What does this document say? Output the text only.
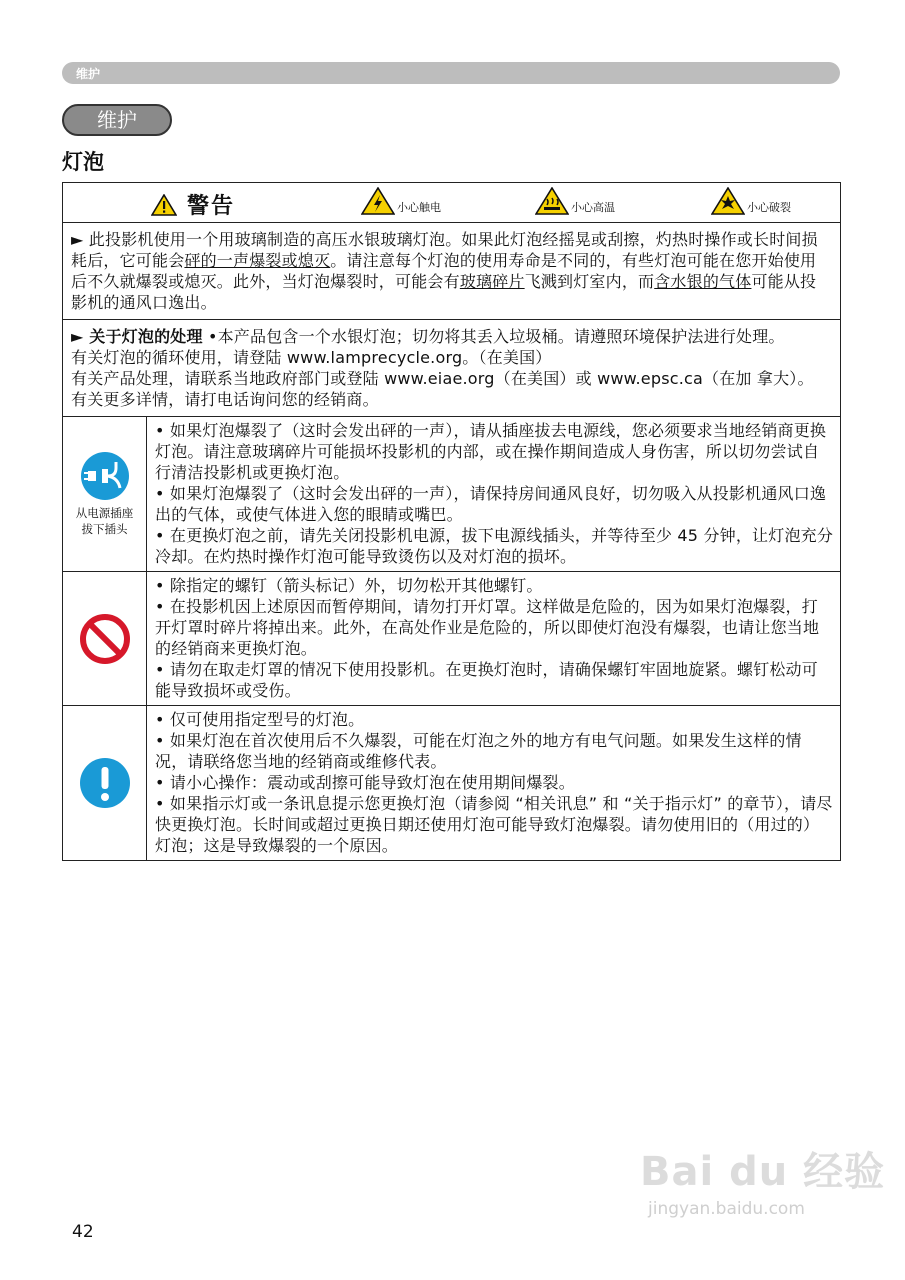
维护
维护
灯泡
警告	小心触电	小心高温	小心破裂
► 此投影机使用一个用玻璃制造的高压水银玻璃灯泡。如果此灯泡经摇晃或刮擦，灼热时操作或长时间损耗后，它可能会砰的一声爆裂或熄灭。请注意每个灯泡的使用寿命是不同的，有些灯泡可能在您开始使用后不久就爆裂或熄灭。此外，当灯泡爆裂时，可能会有玻璃碎片飞溅到灯室内，而含水银的气体可能从投影机的通风口逸出。
► 关于灯泡的处理 •本产品包含一个水银灯泡；切勿将其丢入垃圾桶。请遵照环境保护法进行处理。
有关灯泡的循环使用，请登陆 www.lamprecycle.org。（在美国）
有关产品处理，请联系当地政府部门或登陆 www.eiae.org（在美国）或 www.epsc.ca（在加 拿大）。
有关更多详情，请打电话询问您的经销商。
从电源插座
拔下插头

• 如果灯泡爆裂了（这时会发出砰的一声），请从插座拔去电源线，您必须要求当地经销商更换灯泡。请注意玻璃碎片可能损坏投影机的内部，或在操作期间造成人身伤害，所以切勿尝试自行清洁投影机或更换灯泡。

• 如果灯泡爆裂了（这时会发出砰的一声），请保持房间通风良好，切勿吸入从投影机通风口逸出的气体，或使气体进入您的眼睛或嘴巴。

• 在更换灯泡之前，请先关闭投影机电源，拔下电源线插头，并等待至少 45 分钟，让灯泡充分冷却。在灼热时操作灯泡可能导致烫伤以及对灯泡的损坏。

• 除指定的螺钉（箭头标记）外，切勿松开其他螺钉。

• 在投影机因上述原因而暂停期间，请勿打开灯罩。这样做是危险的，因为如果灯泡爆裂，打开灯罩时碎片将掉出来。此外，在高处作业是危险的，所以即使灯泡没有爆裂，也请让您当地的经销商来更换灯泡。

• 请勿在取走灯罩的情况下使用投影机。在更换灯泡时，请确保螺钉牢固地旋紧。螺钉松动可能导致损坏或受伤。

• 仅可使用指定型号的灯泡。

• 如果灯泡在首次使用后不久爆裂，可能在灯泡之外的地方有电气问题。如果发生这样的情况，请联络您当地的经销商或维修代表。

• 请小心操作：震动或刮擦可能导致灯泡在使用期间爆裂。

• 如果指示灯或一条讯息提示您更换灯泡（请参阅 “相关讯息” 和 “关于指示灯” 的章节），请尽快更换灯泡。长时间或超过更换日期还使用灯泡可能导致灯泡爆裂。请勿使用旧的（用过的）灯泡；这是导致爆裂的一个原因。

Bai du 经验
jingyan.baidu.com
42
